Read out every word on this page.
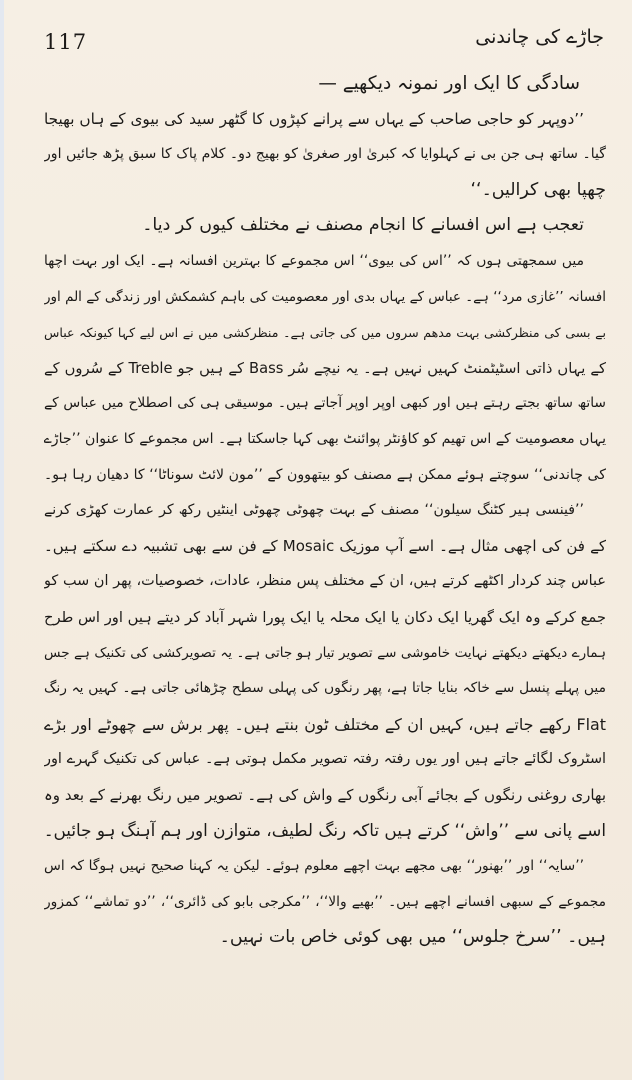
117	جاڑے کی چاندنی
سادگی کا ایک اور نمونہ دیکھیے —
’’دوپہر کو حاجی صاحب کے یہاں سے پرانے کپڑوں کا گٹھر سید کی بیوی کے ہاں بھیجا
گیا۔ ساتھ ہی جن بی نے کہلوایا کہ کبریٰ اور صغریٰ کو بھیج دو۔ کلام پاک کا سبق پڑھ جائیں اور
چھپا بھی کرالیں۔‘‘
تعجب ہے اس افسانے کا انجام مصنف نے مختلف کیوں کر دیا۔
میں سمجھتی ہوں کہ ’’اس کی بیوی‘‘ اس مجموعے کا بہترین افسانہ ہے۔ ایک اور بہت اچھا
افسانہ ’’غازی مرد‘‘ ہے۔ عباس کے یہاں بدی اور معصومیت کی باہم کشمکش اور زندگی کے الم اور
بے بسی کی منظرکشی بہت مدھم سروں میں کی جاتی ہے۔ منظرکشی میں نے اس لیے کہا کیونکہ عباس
کے یہاں ذاتی اسٹیٹمنٹ کہیں نہیں ہے۔ یہ نیچے سُر Bass کے ہیں جو Treble کے سُروں کے
ساتھ ساتھ بجتے رہتے ہیں اور کبھی اوپر اوپر آجاتے ہیں۔ موسیقی ہی کی اصطلاح میں عباس کے
یہاں معصومیت کے اس تھیم کو کاؤنٹر پوائنٹ بھی کہا جاسکتا ہے۔ اس مجموعے کا عنوان ’’جاڑے
کی چاندنی‘‘ سوچتے ہوئے ممکن ہے مصنف کو بیتھوون کے ’’مون لائٹ سوناٹا‘‘ کا دھیان رہا ہو۔
’’فینسی ہیر کٹنگ سیلون‘‘ مصنف کے بہت چھوٹی چھوٹی اینٹیں رکھ کر عمارت کھڑی کرنے
کے فن کی اچھی مثال ہے۔ اسے آپ موزیک Mosaic کے فن سے بھی تشبیہ دے سکتے ہیں۔
عباس چند کردار اکٹھے کرتے ہیں، ان کے مختلف پس منظر، عادات، خصوصیات، پھر ان سب کو
جمع کرکے وہ ایک گھریا ایک دکان یا ایک محلہ یا ایک پورا شہر آباد کر دیتے ہیں اور اس طرح
ہمارے دیکھتے دیکھتے نہایت خاموشی سے تصویر تیار ہو جاتی ہے۔ یہ تصویرکشی کی تکنیک ہے جس
میں پہلے پنسل سے خاکہ بنایا جاتا ہے، پھر رنگوں کی پہلی سطح چڑھائی جاتی ہے۔ کہیں یہ رنگ
Flat رکھے جاتے ہیں، کہیں ان کے مختلف ٹون بنتے ہیں۔ پھر برش سے چھوٹے اور بڑے
اسٹروک لگائے جاتے ہیں اور یوں رفتہ رفتہ تصویر مکمل ہوتی ہے۔ عباس کی تکنیک گہرے اور
بھاری روغنی رنگوں کے بجائے آبی رنگوں کے واش کی ہے۔ تصویر میں رنگ بھرنے کے بعد وہ
اسے پانی سے ’’واش‘‘ کرتے ہیں تاکہ رنگ لطیف، متوازن اور ہم آہنگ ہو جائیں۔
’’سایہ‘‘ اور ’’بھنور‘‘ بھی مجھے بہت اچھے معلوم ہوئے۔ لیکن یہ کہنا صحیح نہیں ہوگا کہ اس
مجموعے کے سبھی افسانے اچھے ہیں۔ ’’بھیے والا‘‘، ’’مکرجی بابو کی ڈائری‘‘، ’’دو تماشے‘‘ کمزور
ہیں۔ ’’سرخ جلوس‘‘ میں بھی کوئی خاص بات نہیں۔
